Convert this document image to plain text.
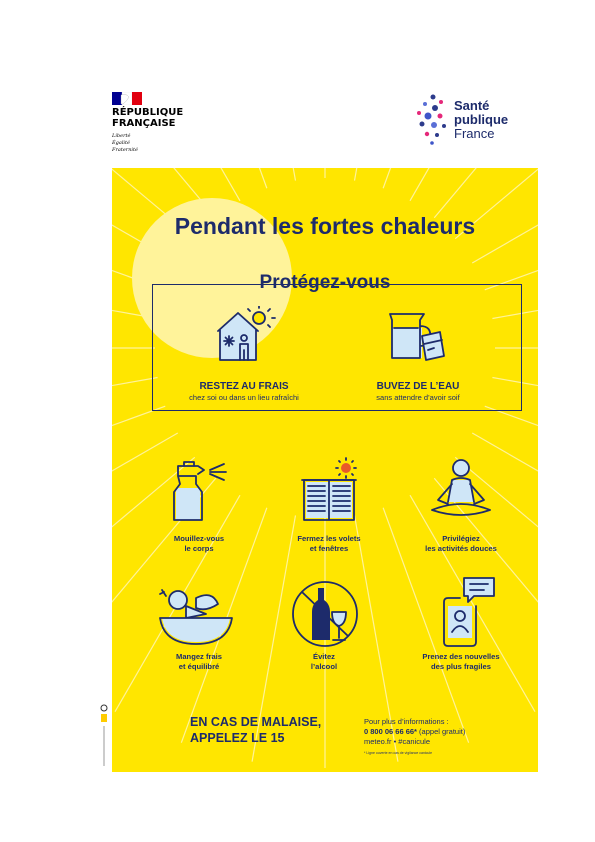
RÉPUBLIQUE
FRANÇAISE
Liberté
Égalité
Fraternité
Santé
publique
France
Pendant les fortes chaleurs
Protégez-vous
RESTEZ AU FRAIS
chez soi ou dans un lieu rafraîchi
BUVEZ DE L’EAU
sans attendre d’avoir soif
Mouillez-vous
le corps
Fermez les volets
et fenêtres
Privilégiez
les activités douces
Mangez frais
et équilibré
Évitez
l’alcool
Prenez des nouvelles
des plus fragiles
EN CAS DE MALAISE,
APPELEZ LE 15
Pour plus d’informations :
0 800 06 66 66* (appel gratuit)
meteo.fr • #canicule
* Ligne ouverte en cas de vigilance canicule
